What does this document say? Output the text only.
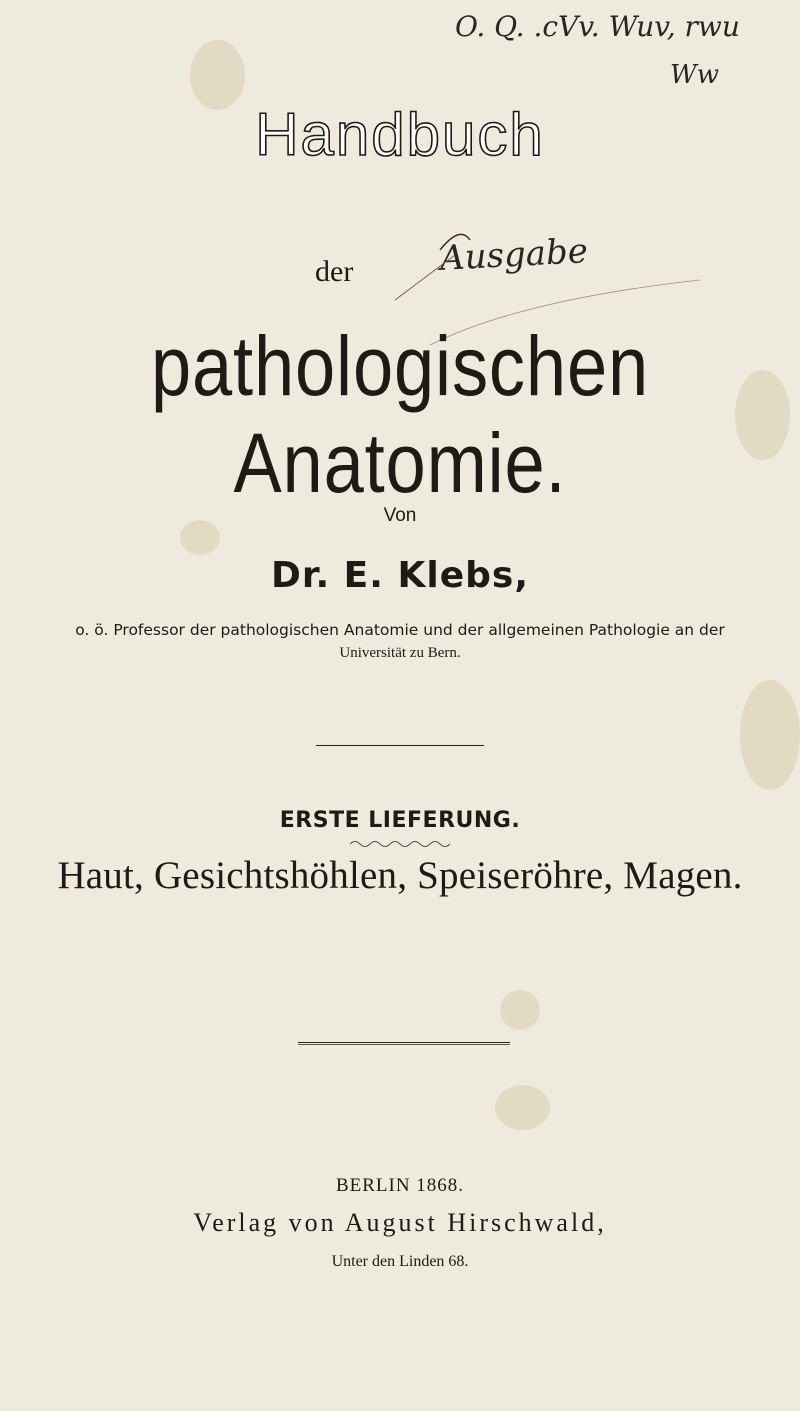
O. Q. .cVv. Wuv, rwu
Ww
Ausgabe
Handbuch
der
pathologischen Anatomie.
Von
Dr. E. Klebs,
o. ö. Professor der pathologischen Anatomie und der allgemeinen Pathologie an der
Universität zu Bern.
ERSTE LIEFERUNG.
Haut, Gesichtshöhlen, Speiseröhre, Magen.
BERLIN 1868.
Verlag von August Hirschwald,
Unter den Linden 68.
